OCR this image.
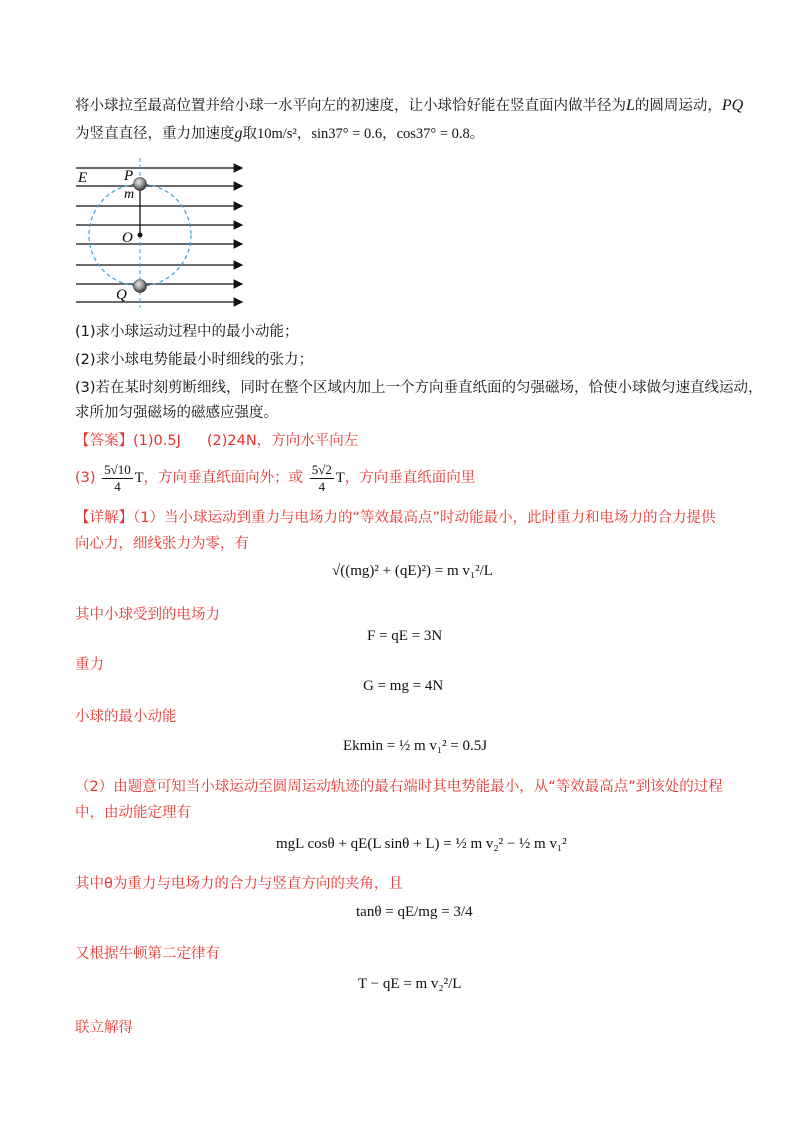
将小球拉至最高位置并给小球一水平向左的初速度，让小球恰好能在竖直面内做半径为L的圆周运动，PQ
为竖直直径，重力加速度g取10m/s²，sin37° = 0.6，cos37° = 0.8。
E P
m
O
Q
(1)求小球运动过程中的最小动能；
(2)求小球电势能最小时细线的张力；
(3)若在某时刻剪断细线，同时在整个区域内加上一个方向垂直纸面的匀强磁场，恰使小球做匀速直线运动，
求所加匀强磁场的磁感应强度。
【答案】(1)0.5J (2)24N，方向水平向左
$(3) \frac{5√10}{4}$ T，方向垂直纸面向外；或 $\frac{5√2}{4}$ T，方向垂直纸面向里
【详解】（1）当小球运动到重力与电场力的“等效最高点”时动能最小，此时重力和电场力的合力提供
向心力，细线张力为零，有
√((mg)² + (qE)²) = m v₁²/L
其中小球受到的电场力
F = qE = 3N
重力
G = mg = 4N
小球的最小动能
Ekmin = ½ m v₁² = 0.5J
（2）由题意可知当小球运动至圆周运动轨迹的最右端时其电势能最小，从“等效最高点”到该处的过程
中，由动能定理有
mgL cosθ + qE(L sinθ + L) = ½ m v₂² − ½ m v₁²
其中θ为重力与电场力的合力与竖直方向的夹角，且
tanθ = qE/mg = 3/4
又根据牛顿第二定律有
T − qE = m v₂²/L
联立解得
